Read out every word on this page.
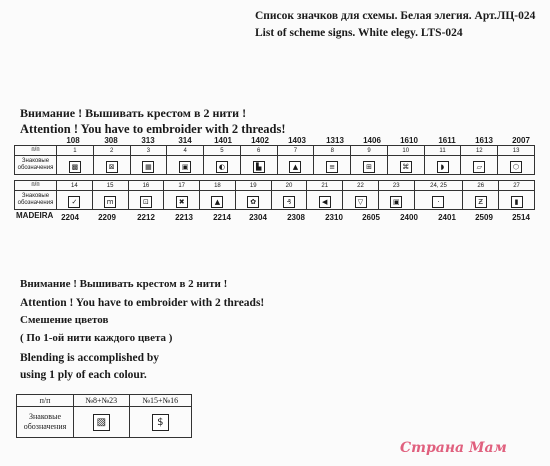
Список значков для схемы. Белая элегия. Арт.ЛЦ-024
List of scheme signs. White elegy. LTS-024
Внимание ! Вышивать крестом в 2 нити !
Attention ! You have to embroider with 2 threads!
108	308	313	314	1401	1402	1403	1313	1406	1610	1611	1613	2007
п/п	1	2	3	4	5	6	7	8	9	10	11	12	13
Знаковые обозначения	▩	⊠	▦	▣	◐	▙	▲	≡	⊞	⌘	◗	▱	⬡
п/п	14	15	16	17	18	19	20	21	22	23	24, 25	26	27
Знаковые обозначения	✓	m	⊡	✖	▲	✿	₰	◀	▽	▣	·	Ƶ	▮
MADEIRA 2204	2209	2212	2213	2214	2304	2308	2310	2605	2400	2401	2509	2514
Внимание ! Вышивать крестом в 2 нити !
Attention ! You have to embroider with 2 threads!
Смешение цветов
( По 1-ой нити каждого цвета )
Blending is accomplished by
using 1 ply of each colour.
п/п	№8+№23	№15+№16
Знаковые обозначения	▧	$
Страна Мам
